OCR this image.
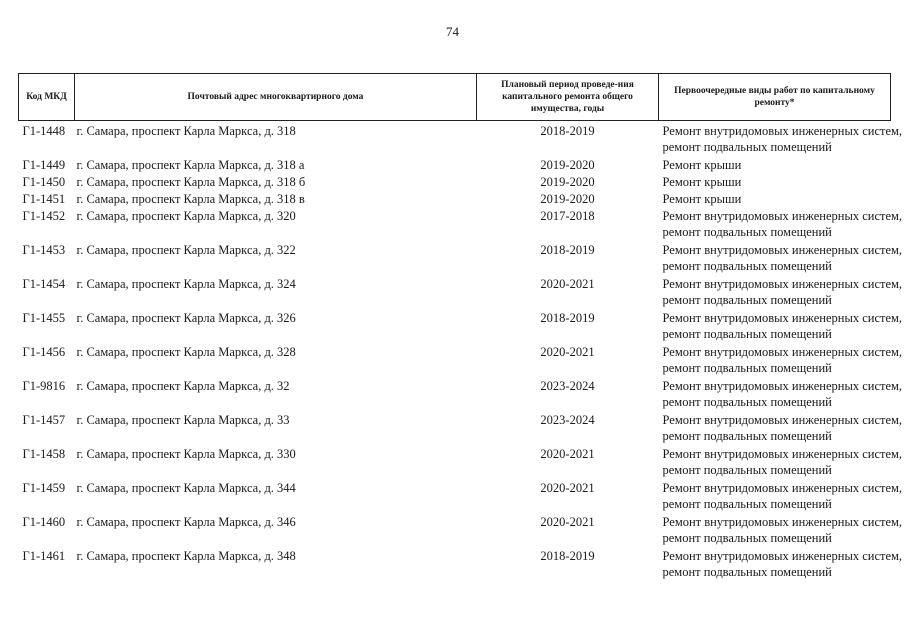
74
Код МКД	Почтовый адрес многоквартирного дома	Плановый период проведе-ния капитального ремонта общего имущества, годы	Первоочередные виды работ по капитальному ремонту*
Г1-1448	г. Самара, проспект Карла Маркса, д. 318	2018-2019	Ремонт внутридомовых инженерных систем,
ремонт подвальных помещений

Г1-1449	г. Самара, проспект Карла Маркса, д. 318 а	2019-2020	Ремонт крыши

Г1-1450	г. Самара, проспект Карла Маркса, д. 318 б	2019-2020	Ремонт крыши

Г1-1451	г. Самара, проспект Карла Маркса, д. 318 в	2019-2020	Ремонт крыши

Г1-1452	г. Самара, проспект Карла Маркса, д. 320	2017-2018	Ремонт внутридомовых инженерных систем,
ремонт подвальных помещений

Г1-1453	г. Самара, проспект Карла Маркса, д. 322	2018-2019	Ремонт внутридомовых инженерных систем,
ремонт подвальных помещений

Г1-1454	г. Самара, проспект Карла Маркса, д. 324	2020-2021	Ремонт внутридомовых инженерных систем,
ремонт подвальных помещений

Г1-1455	г. Самара, проспект Карла Маркса, д. 326	2018-2019	Ремонт внутридомовых инженерных систем,
ремонт подвальных помещений

Г1-1456	г. Самара, проспект Карла Маркса, д. 328	2020-2021	Ремонт внутридомовых инженерных систем,
ремонт подвальных помещений

Г1-9816	г. Самара, проспект Карла Маркса, д. 32	2023-2024	Ремонт внутридомовых инженерных систем,
ремонт подвальных помещений

Г1-1457	г. Самара, проспект Карла Маркса, д. 33	2023-2024	Ремонт внутридомовых инженерных систем,
ремонт подвальных помещений

Г1-1458	г. Самара, проспект Карла Маркса, д. 330	2020-2021	Ремонт внутридомовых инженерных систем,
ремонт подвальных помещений

Г1-1459	г. Самара, проспект Карла Маркса, д. 344	2020-2021	Ремонт внутридомовых инженерных систем,
ремонт подвальных помещений

Г1-1460	г. Самара, проспект Карла Маркса, д. 346	2020-2021	Ремонт внутридомовых инженерных систем,
ремонт подвальных помещений

Г1-1461	г. Самара, проспект Карла Маркса, д. 348	2018-2019	Ремонт внутридомовых инженерных систем,
ремонт подвальных помещений
